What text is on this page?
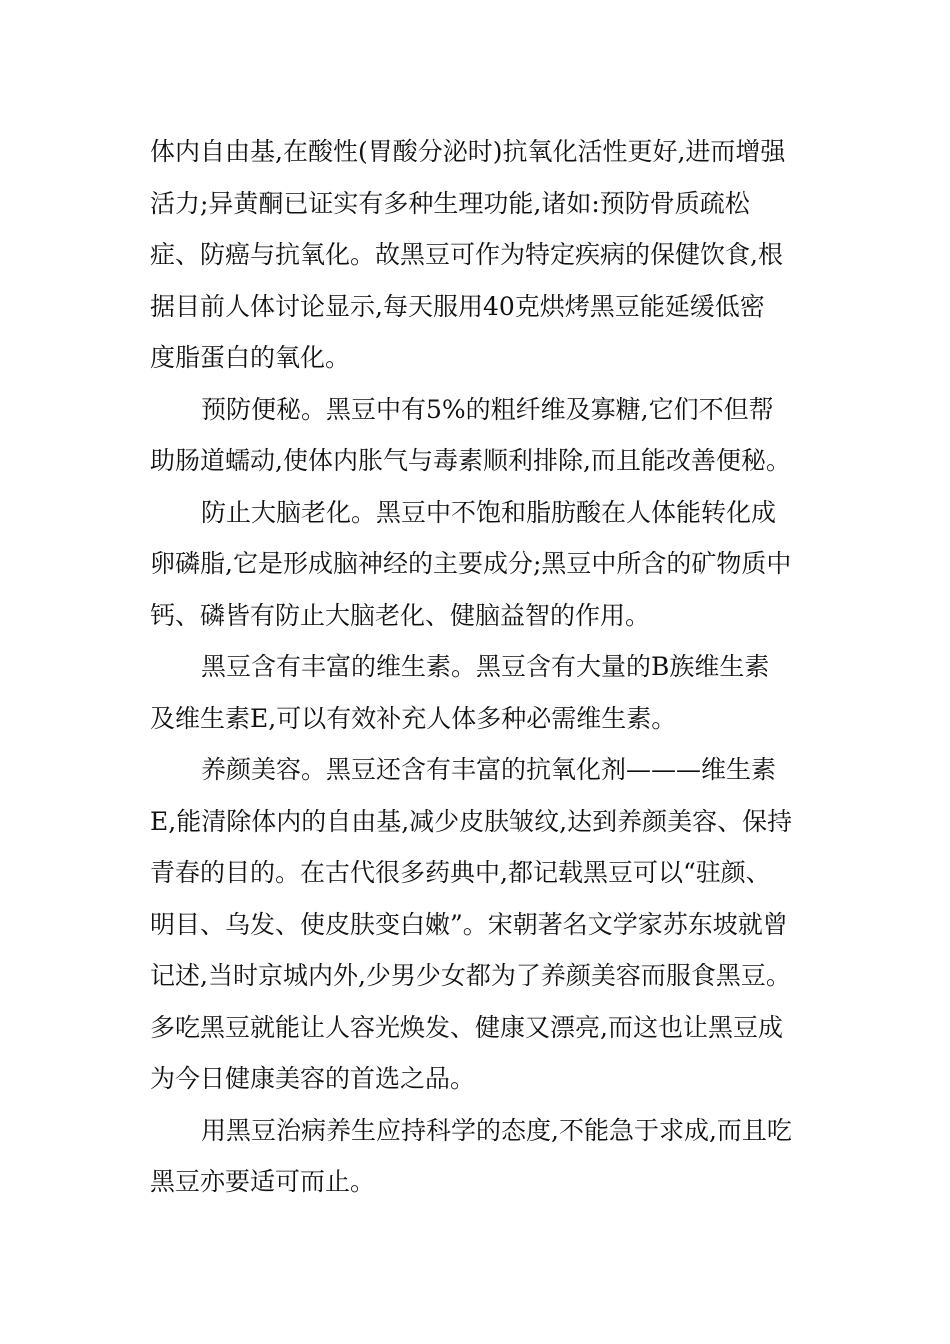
体内自由基,在酸性(胃酸分泌时)抗氧化活性更好,进而增强
活力;异黄酮已证实有多种生理功能,诸如:预防骨质疏松
症、防癌与抗氧化。故黑豆可作为特定疾病的保健饮食,根
据目前人体讨论显示,每天服用40克烘烤黑豆能延缓低密
度脂蛋白的氧化。
预防便秘。黑豆中有5%的粗纤维及寡糖,它们不但帮
助肠道蠕动,使体内胀气与毒素顺利排除,而且能改善便秘。
防止大脑老化。黑豆中不饱和脂肪酸在人体能转化成
卵磷脂,它是形成脑神经的主要成分;黑豆中所含的矿物质中
钙、磷皆有防止大脑老化、健脑益智的作用。
黑豆含有丰富的维生素。黑豆含有大量的B族维生素
及维生素E,可以有效补充人体多种必需维生素。
养颜美容。黑豆还含有丰富的抗氧化剂———维生素
E,能清除体内的自由基,减少皮肤皱纹,达到养颜美容、保持
青春的目的。在古代很多药典中,都记载黑豆可以“驻颜、
明目、乌发、使皮肤变白嫩”。宋朝著名文学家苏东坡就曾
记述,当时京城内外,少男少女都为了养颜美容而服食黑豆。
多吃黑豆就能让人容光焕发、健康又漂亮,而这也让黑豆成
为今日健康美容的首选之品。
用黑豆治病养生应持科学的态度,不能急于求成,而且吃
黑豆亦要适可而止。
